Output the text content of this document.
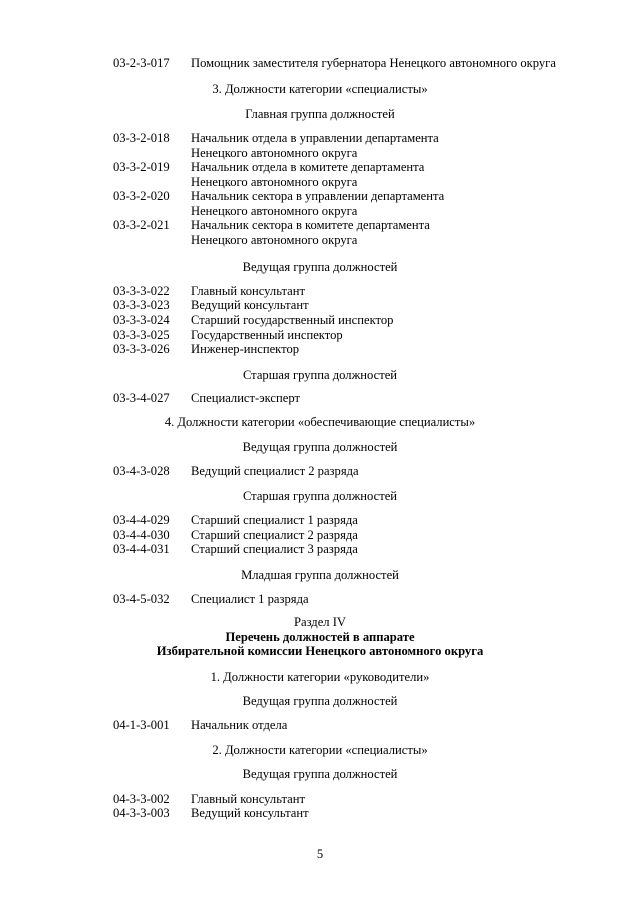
03-2-3-017 Помощник заместителя губернатора Ненецкого автономного округа
3. Должности категории «специалисты»
Главная группа должностей
03-3-2-018 Начальник отдела в управлении департамента
Ненецкого автономного округа
03-3-2-019 Начальник отдела в комитете департамента
Ненецкого автономного округа
03-3-2-020 Начальник сектора в управлении департамента
Ненецкого автономного округа
03-3-2-021 Начальник сектора в комитете департамента
Ненецкого автономного округа
Ведущая группа должностей
03-3-3-022 Главный консультант
03-3-3-023 Ведущий консультант
03-3-3-024 Старший государственный инспектор
03-3-3-025 Государственный инспектор
03-3-3-026 Инженер-инспектор
Старшая группа должностей
03-3-4-027 Специалист-эксперт
4. Должности категории «обеспечивающие специалисты»
Ведущая группа должностей
03-4-3-028 Ведущий специалист 2 разряда
Старшая группа должностей
03-4-4-029 Старший специалист 1 разряда
03-4-4-030 Старший специалист 2 разряда
03-4-4-031 Старший специалист 3 разряда
Младшая группа должностей
03-4-5-032 Специалист 1 разряда
Раздел IV
Перечень должностей в аппарате
Избирательной комиссии Ненецкого автономного округа
1. Должности категории «руководители»
Ведущая группа должностей
04-1-3-001 Начальник отдела
2. Должности категории «специалисты»
Ведущая группа должностей
04-3-3-002 Главный консультант
04-3-3-003 Ведущий консультант
5
